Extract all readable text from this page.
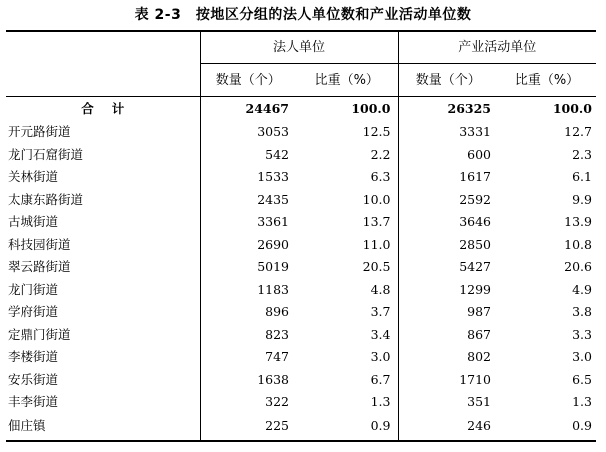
表 2-3　按地区分组的法人单位数和产业活动单位数
	法人单位		产业活动单位	
	数量（个）	比重（%）	数量（个）	比重（%）
合计	24467	100.0	26325	100.0
开元路街道	3053	12.5	3331	12.7
龙门石窟街道	542	2.2	600	2.3
关林街道	1533	6.3	1617	6.1
太康东路街道	2435	10.0	2592	9.9
古城街道	3361	13.7	3646	13.9
科技园街道	2690	11.0	2850	10.8
翠云路街道	5019	20.5	5427	20.6
龙门街道	1183	4.8	1299	4.9
学府街道	896	3.7	987	3.8
定鼎门街道	823	3.4	867	3.3
李楼街道	747	3.0	802	3.0
安乐街道	1638	6.7	1710	6.5
丰李街道	322	1.3	351	1.3
佃庄镇	225	0.9	246	0.9
